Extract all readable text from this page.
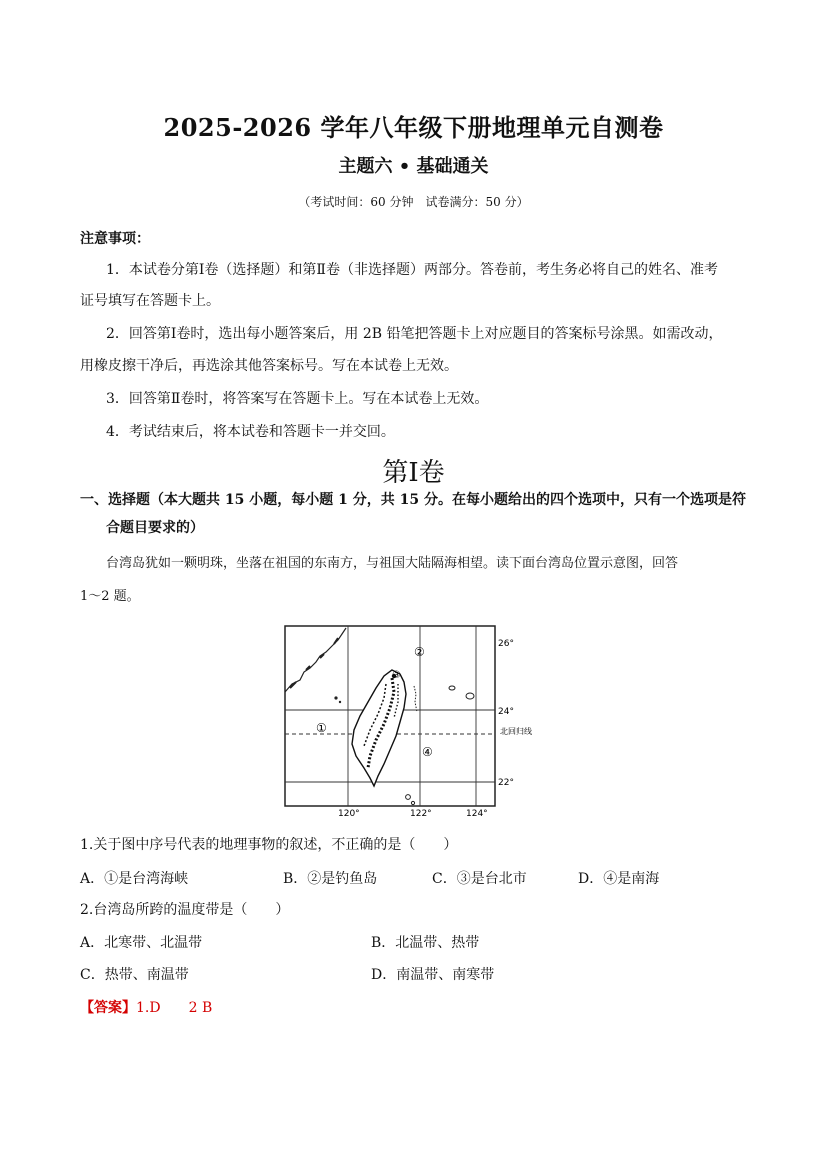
2025-2026 学年八年级下册地理单元自测卷
主题六 • 基础通关
（考试时间：60 分钟　试卷满分：50 分）
注意事项：
1．本试卷分第Ⅰ卷（选择题）和第Ⅱ卷（非选择题）两部分。答卷前，考生务必将自己的姓名、准考
证号填写在答题卡上。
2．回答第Ⅰ卷时，选出每小题答案后，用 2B 铅笔把答题卡上对应题目的答案标号涂黑。如需改动，
用橡皮擦干净后，再选涂其他答案标号。写在本试卷上无效。
3．回答第Ⅱ卷时，将答案写在答题卡上。写在本试卷上无效。
4．考试结束后，将本试卷和答题卡一并交回。
第Ⅰ卷
一、选择题（本大题共 15 小题，每小题 1 分，共 15 分。在每小题给出的四个选项中，只有一个选项是符
合题目要求的）
台湾岛犹如一颗明珠，坐落在祖国的东南方，与祖国大陆隔海相望。读下面台湾岛位置示意图，回答
1～2 题。
①
②
③
④
26°
24°
22°
北回归线
120°	122°	124°
1.关于图中序号代表的地理事物的叙述，不正确的是（　　）
A．①是台湾海峡	B．②是钓鱼岛	C．③是台北市	D．④是南海
2.台湾岛所跨的温度带是（　　）
A．北寒带、北温带	B．北温带、热带
C．热带、南温带	D．南温带、南寒带
【答案】1.D　　2 B
